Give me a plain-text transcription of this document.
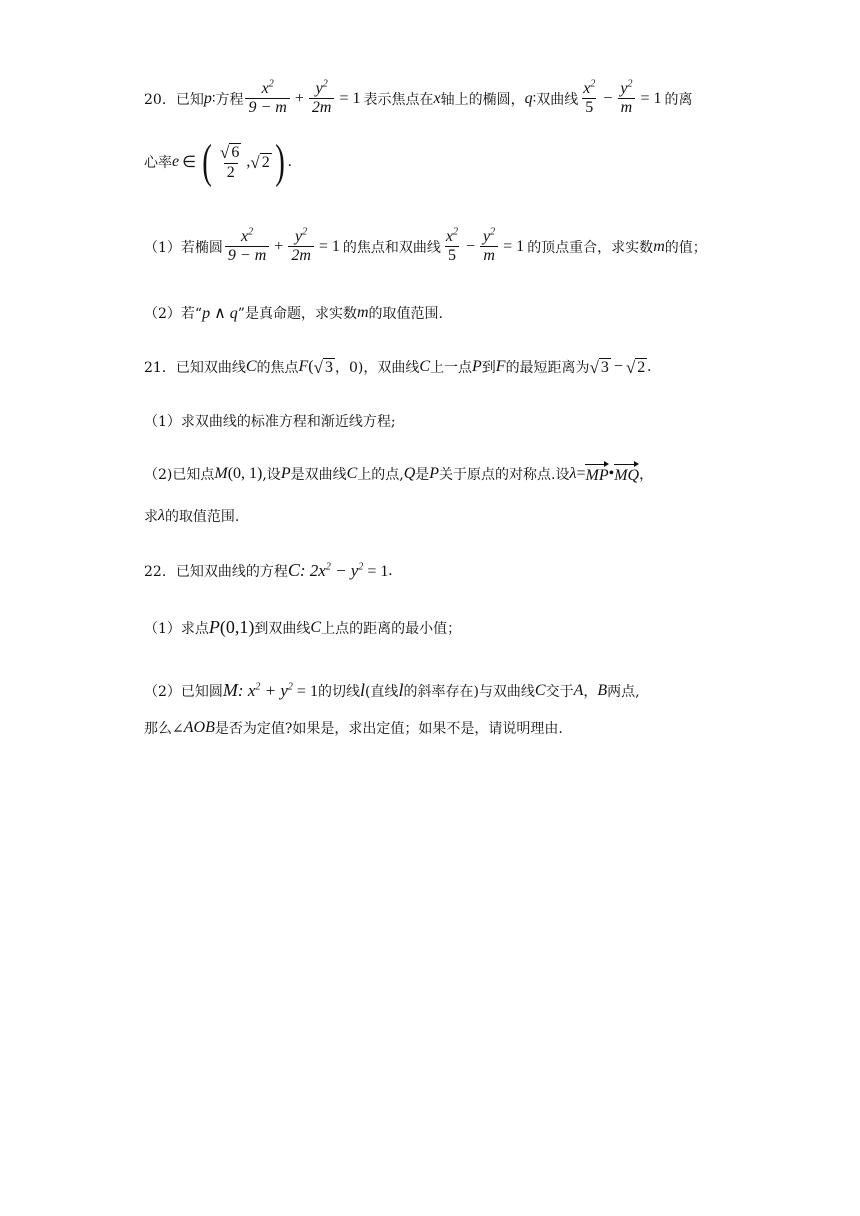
20． 已知 p ∶ 方程 $\frac{x^2}{9 - m} + \frac{y^2}{2m} = 1$ 表示焦点在 x 轴上的椭圆， q ∶ 双曲线 $\frac{x^2}{5} - \frac{y^2}{m} = 1$ 的离
心率 e ∈ ( $\frac{√ 6}{2}$ , √ 2 ) .
（1）若椭圆 $\frac{x^2}{9 - m} + \frac{y^2}{2m} = 1$ 的焦点和双曲线 $\frac{x^2}{5} - \frac{y^2}{m} = 1$ 的顶点重合，求实数 m 的值；
（2）若“ p ∧ q ”是真命题，求实数 m 的取值范围.
21．已知双曲线 C 的焦点 F ( √ 3 ，0)，双曲线 C 上一点 P 到 F 的最短距离为 √ 3 − √ 2 .
（1）求双曲线的标准方程和渐近线方程;
（2)已知点 M (0, 1) ,设 P 是双曲线 C 上的点, Q 是 P 关于原点的对称点.设 λ = MP • MQ ，
求 λ 的取值范围.
22．已知双曲线的方程 C : $2x^2 - y^2 = 1$ .
（1）求点 P (0,1) 到双曲线 C 上点的距离的最小值；
（2）已知圆 M : $x^2 + y^2 = 1$ 的切线 l (直线 l 的斜率存在)与双曲线 C 交于 A ， B 两点,
那么∠ AOB 是否为定值?如果是，求出定值；如果不是，请说明理由.
